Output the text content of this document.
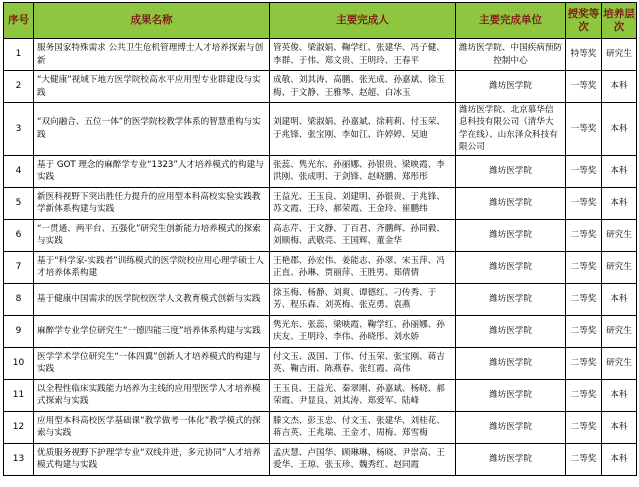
序号	成果名称	主要完成人	主要完成单位	授奖等次	培养层次
1	服务国家特殊需求 公共卫生危机管理博士人才培养探索与创新	管英俊、梁淑娟、鞠学红、张建华、冯子健、李群、于伟、郑文贵、王明玲、王春平	潍坊医学院、中国疾病预防控制中心	特等奖	研究生
2	“大健康”视域下地方医学院校高水平应用型专业群建设与实践	成敬、刘其涛、高鹏、张光成、孙嘉斌、徐玉梅、于文静、王雅琴、赵超、白冰玉	潍坊医学院	一等奖	本科
3	“双向融合、五位一体”的医学院校教学体系的智慧重构与实践	刘建明、梁淑娟、孙嘉斌、徐莉莉、付玉荣、于兆锋、张宝刚、李如江、许婷婷、吴迪	潍坊医学院、北京慕华信息科技有限公司（清华大学在线）、山东泽众科技有限公司	一等奖	本科
4	基于 GOT 理念的麻醉学专业“1323”人才培养模式的构建与实践	张蕊、隽光东、孙丽娜、孙银贵、梁映霞、李洪刚、张成明、于剑锋、赵晓鹏、郑彤彤	潍坊医学院	一等奖	本科
5	新医科视野下突出胜任力提升的应用型本科高校实验实践教学新体系构建与实践	王益光、王玉良、刘建明、孙银贵、于兆锋、苏文霞、王玲、郝荣霞、王金玲、崔鹏纬	潍坊医学院	一等奖	本科
6	“一贯通、两平台、五强化”研究生创新能力培养模式的探索与实践	高志芹、于文静、丁百君、齐鹏辉、孙同毅、刘顺梅、武敬亮、王国辉、董金华	潍坊医学院	二等奖	研究生
7	基于“科学家-实践者”训练模式的医学院校应用心理学硕士人才培养体系构建	王艳郡、孙宏伟、姜能志、孙翠、宋玉萍、冯正直、孙琳、贾丽萍、王胜男、郑倩倩	潍坊医学院	二等奖	研究生
8	基于健康中国需求的医学院校医学人文教育模式创新与实践	徐玉梅、杨静、刘爽、谭德红、刁传秀、于芳、程乐森、刘英梅、张克勇、袁燕	潍坊医学院	二等奖	本科
9	麻醉学专业学位研究生“一德四能三度”培养体系构建与实践	隽光东、张蕊、梁映霞、鞠学红、孙丽娜、孙庆友、王明玲、李伟、孙晓彤、刘水娇	潍坊医学院	二等奖	研究生
10	医学学术学位研究生“一体四翼”创新人才培养模式的构建与实践	付文玉、汲国、丁伟、付玉荣、张宝刚、蒋吉英、鞠吉雨、陈燕春、张红霞、高伟	潍坊医学院	二等奖	研究生
11	以全程性临床实践能力培养为主线的应用型医学人才培养模式探索与实践	王玉良、王益光、秦翠刚、孙嘉斌、杨晓、郝荣霞、尹显良、刘其涛、郑爱军、陆峰	潍坊医学院	二等奖	本科
12	应用型本科高校医学基础课“教学做考一体化”教学模式的探索与实践	滕文杰、彭玉忠、付文玉、张建华、刘桂花、蒋吉英、王兆瑞、王金才、周梅、郑雪梅	潍坊医学院	二等奖	本科
13	优质服务视野下护理学专业“双线并进，多元协同”人才培养模式构建与实践	孟庆慧、卢国华、顾琳琳、杨晓、尹崇高、王爱华、王琼、张玉珍、魏秀红、赵同霞	潍坊医学院	二等奖	本科
